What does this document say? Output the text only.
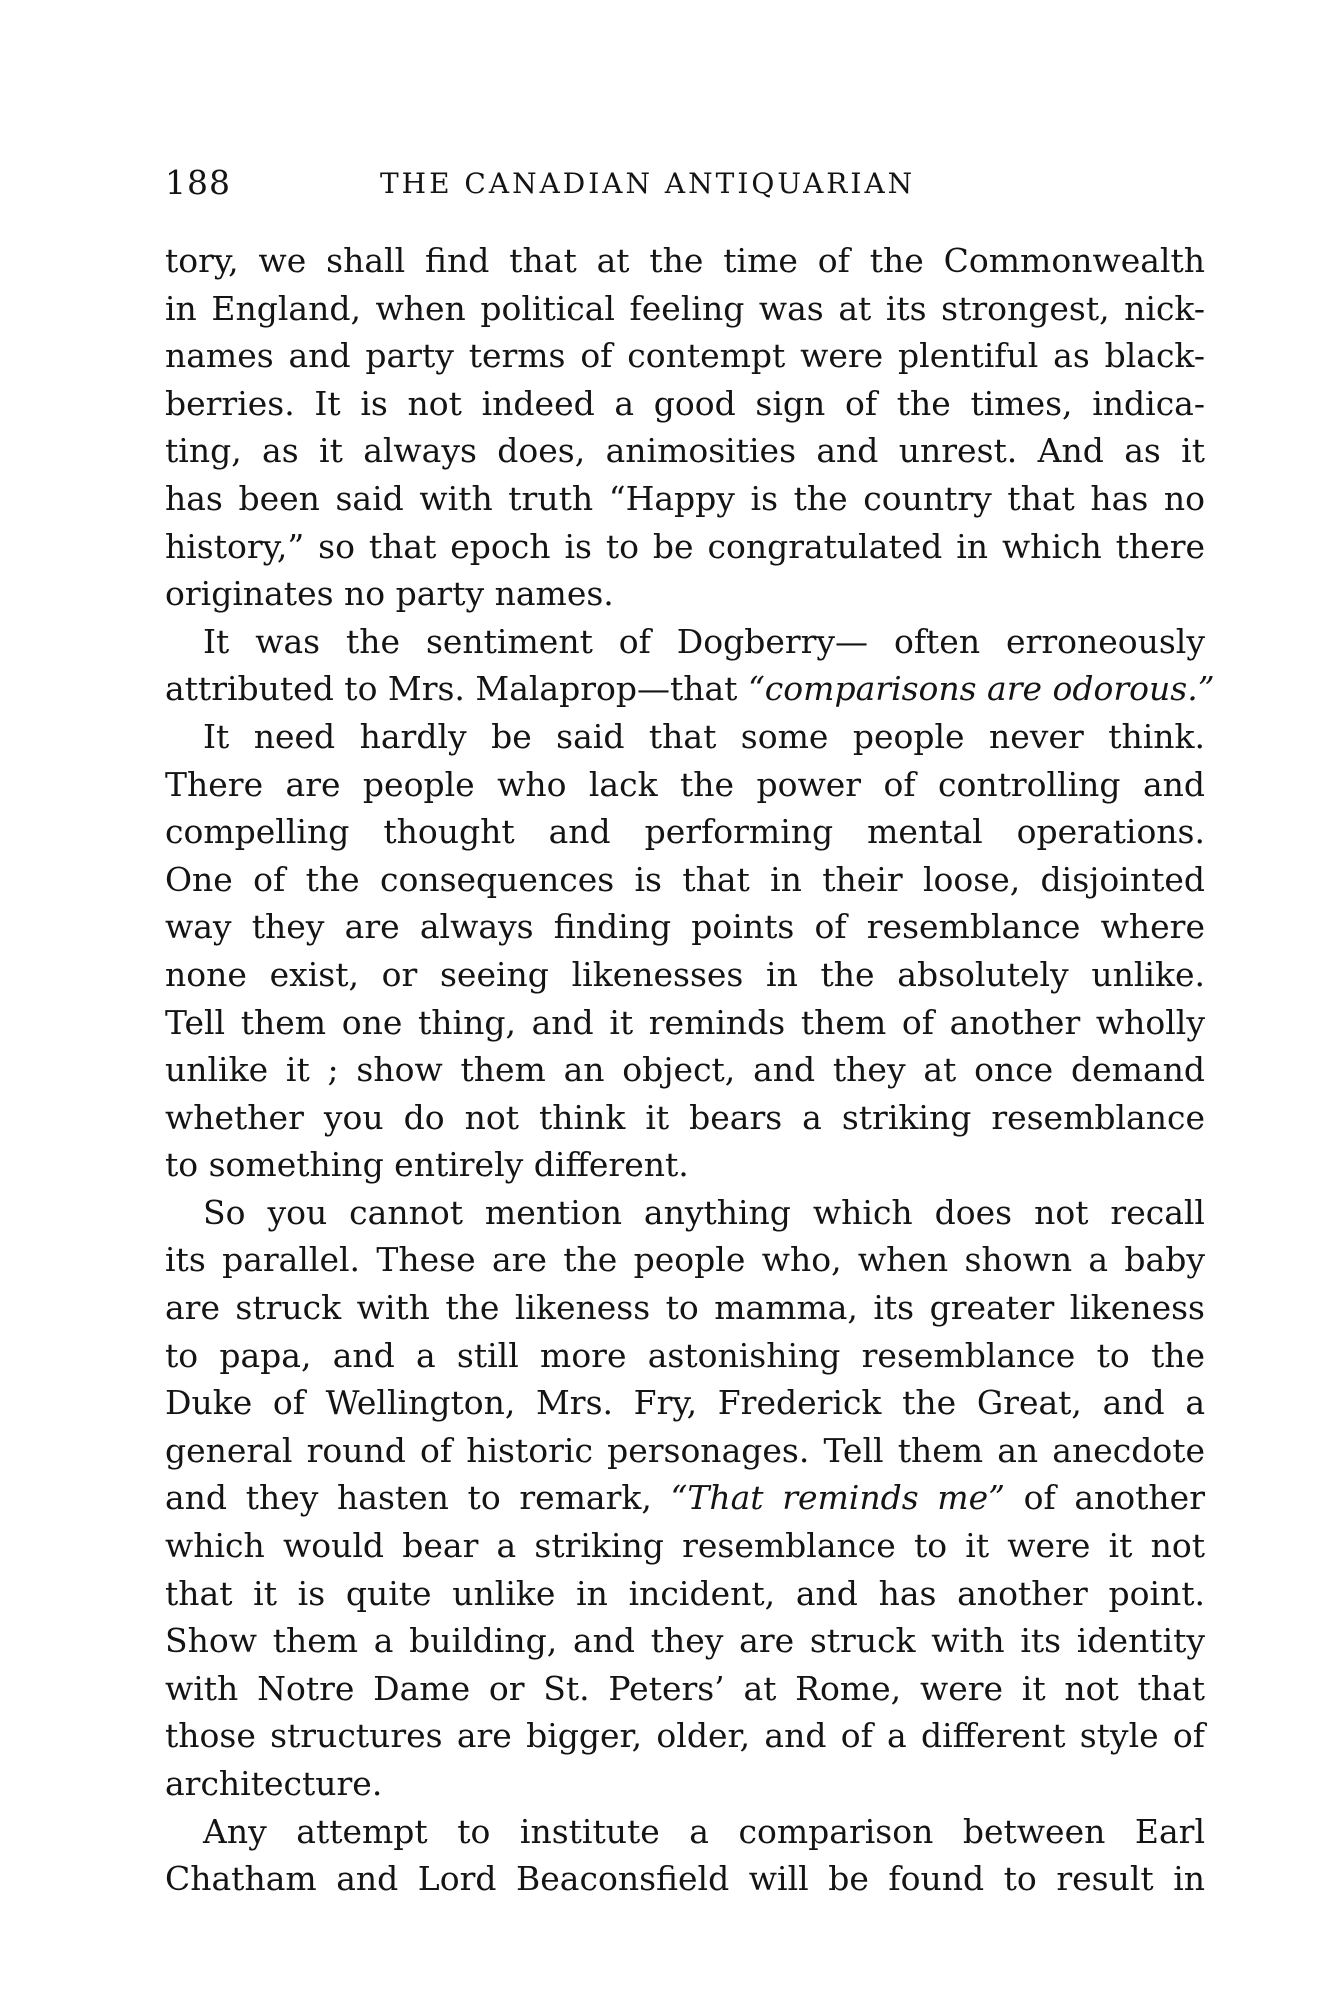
188	THE CANADIAN ANTIQUARIAN
tory, we shall find that at the time of the Commonwealth
in England, when political feeling was at its strongest, nick-
names and party terms of contempt were plentiful as black-
berries. It is not indeed a good sign of the times, indica-
ting, as it always does, animosities and unrest. And as it
has been said with truth “Happy is the country that has no
history,” so that epoch is to be congratulated in which there
originates no party names.
It was the sentiment of Dogberry— often erroneously
attributed to Mrs. Malaprop—that “comparisons are odorous.”
It need hardly be said that some people never think.
There are people who lack the power of controlling and
compelling thought and performing mental operations.
One of the consequences is that in their loose, disjointed
way they are always finding points of resemblance where
none exist, or seeing likenesses in the absolutely unlike.
Tell them one thing, and it reminds them of another wholly
unlike it ; show them an object, and they at once demand
whether you do not think it bears a striking resemblance
to something entirely different.
So you cannot mention anything which does not recall
its parallel. These are the people who, when shown a baby
are struck with the likeness to mamma, its greater likeness
to papa, and a still more astonishing resemblance to the
Duke of Wellington, Mrs. Fry, Frederick the Great, and a
general round of historic personages. Tell them an anecdote
and they hasten to remark, “That reminds me” of another
which would bear a striking resemblance to it were it not
that it is quite unlike in incident, and has another point.
Show them a building, and they are struck with its identity
with Notre Dame or St. Peters’ at Rome, were it not that
those structures are bigger, older, and of a different style of
architecture.
Any attempt to institute a comparison between Earl
Chatham and Lord Beaconsfield will be found to result in
